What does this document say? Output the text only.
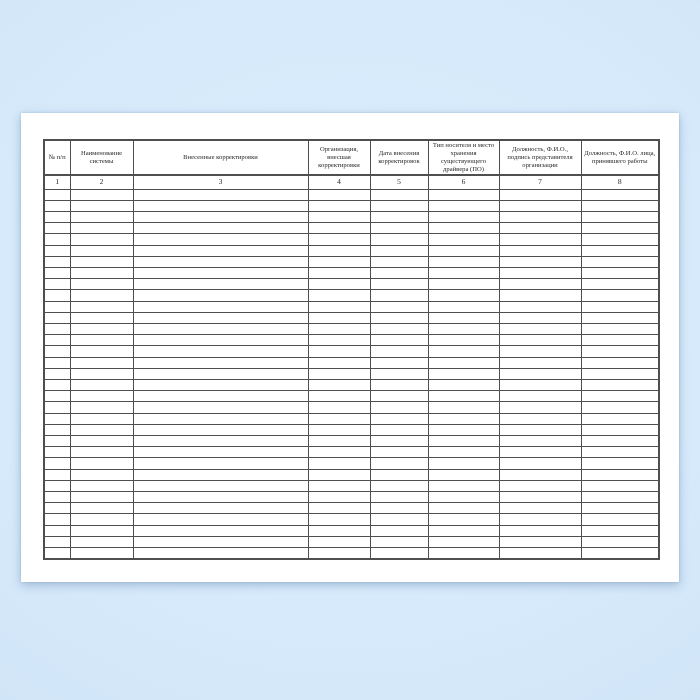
№ п/п	Наименование системы	Внесенные корректировки	Организация, внесшая корректировки	Дата внесения корректировок	Тип носителя и место хранения существующего драйвера (ПО)	Должность, Ф.И.О., подпись представителя организации	Должность, Ф.И.О. лица, принявшего работы
1	2	3	4	5	6	7	8
